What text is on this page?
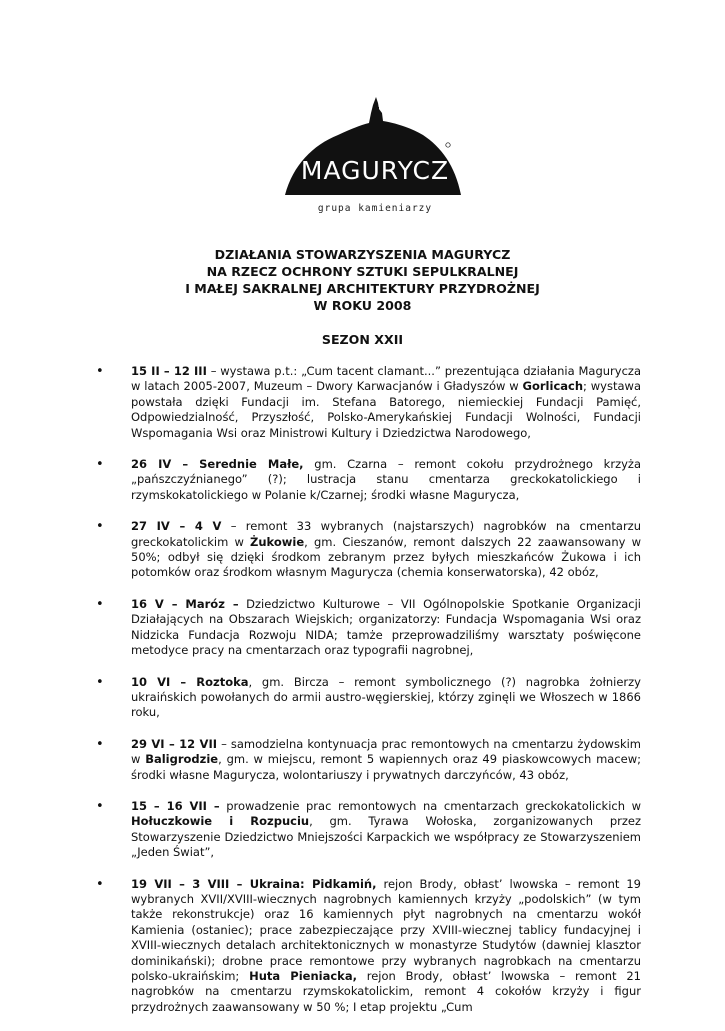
MAGURYCZ
grupa kamieniarzy
DZIAŁANIA STOWARZYSZENIA MAGURYCZ
NA RZECZ OCHRONY SZTUKI SEPULKRALNEJ
I MAŁEJ SAKRALNEJ ARCHITEKTURY PRZYDROŻNEJ
W ROKU 2008
SEZON XXII
• 15 II – 12 III – wystawa p.t.: „Cum tacent clamant...” prezentująca działania Magurycza w latach 2005-2007, Muzeum – Dwory Karwacjanów i Gładyszów w Gorlicach; wystawa powstała dzięki Fundacji im. Stefana Batorego, niemieckiej Fundacji Pamięć, Odpowiedzialność, Przyszłość, Polsko-Amerykańskiej Fundacji Wolności, Fundacji Wspomagania Wsi oraz Ministrowi Kultury i Dziedzictwa Narodowego,
• 26 IV – Serednie Małe, gm. Czarna – remont cokołu przydrożnego krzyża „pańszczyźnianego” (?); lustracja stanu cmentarza greckokatolickiego i rzymskokatolickiego w Polanie k/Czarnej; środki własne Magurycza,
• 27 IV – 4 V – remont 33 wybranych (najstarszych) nagrobków na cmentarzu greckokatolickim w Żukowie, gm. Cieszanów, remont dalszych 22 zaawansowany w 50%; odbył się dzięki środkom zebranym przez byłych mieszkańców Żukowa i ich potomków oraz środkom własnym Magurycza (chemia konserwatorska), 42 obóz,
• 16 V – Maróz – Dziedzictwo Kulturowe – VII Ogólnopolskie Spotkanie Organizacji Działających na Obszarach Wiejskich; organizatorzy: Fundacja Wspomagania Wsi oraz Nidzicka Fundacja Rozwoju NIDA; tamże przeprowadziliśmy warsztaty poświęcone metodyce pracy na cmentarzach oraz typografii nagrobnej,
• 10 VI – Roztoka, gm. Bircza – remont symbolicznego (?) nagrobka żołnierzy ukraińskich powołanych do armii austro-węgierskiej, którzy zginęli we Włoszech w 1866 roku,
• 29 VI – 12 VII – samodzielna kontynuacja prac remontowych na cmentarzu żydowskim w Baligrodzie, gm. w miejscu, remont 5 wapiennych oraz 49 piaskowcowych macew; środki własne Magurycza, wolontariuszy i prywatnych darczyńców, 43 obóz,
• 15 – 16 VII – prowadzenie prac remontowych na cmentarzach greckokatolickich w Hołuczkowie i Rozpuciu, gm. Tyrawa Wołoska, zorganizowanych przez Stowarzyszenie Dziedzictwo Mniejszości Karpackich we współpracy ze Stowarzyszeniem „Jeden Świat”,
• 19 VII – 3 VIII – Ukraina: Pidkamiń, rejon Brody, obłast’ lwowska – remont 19 wybranych XVII/XVIII-wiecznych nagrobnych kamiennych krzyży „podolskich” (w tym także rekonstrukcje) oraz 16 kamiennych płyt nagrobnych na cmentarzu wokół Kamienia (ostaniec); prace zabezpieczające przy XVIII-wiecznej tablicy fundacyjnej i XVIII-wiecznych detalach architektonicznych w monastyrze Studytów (dawniej klasztor dominikański); drobne prace remontowe przy wybranych nagrobkach na cmentarzu polsko-ukraińskim; Huta Pieniacka, rejon Brody, obłast’ lwowska – remont 21 nagrobków na cmentarzu rzymskokatolickim, remont 4 cokołów krzyży i figur przydrożnych zaawansowany w 50 %; I etap projektu „Cum
